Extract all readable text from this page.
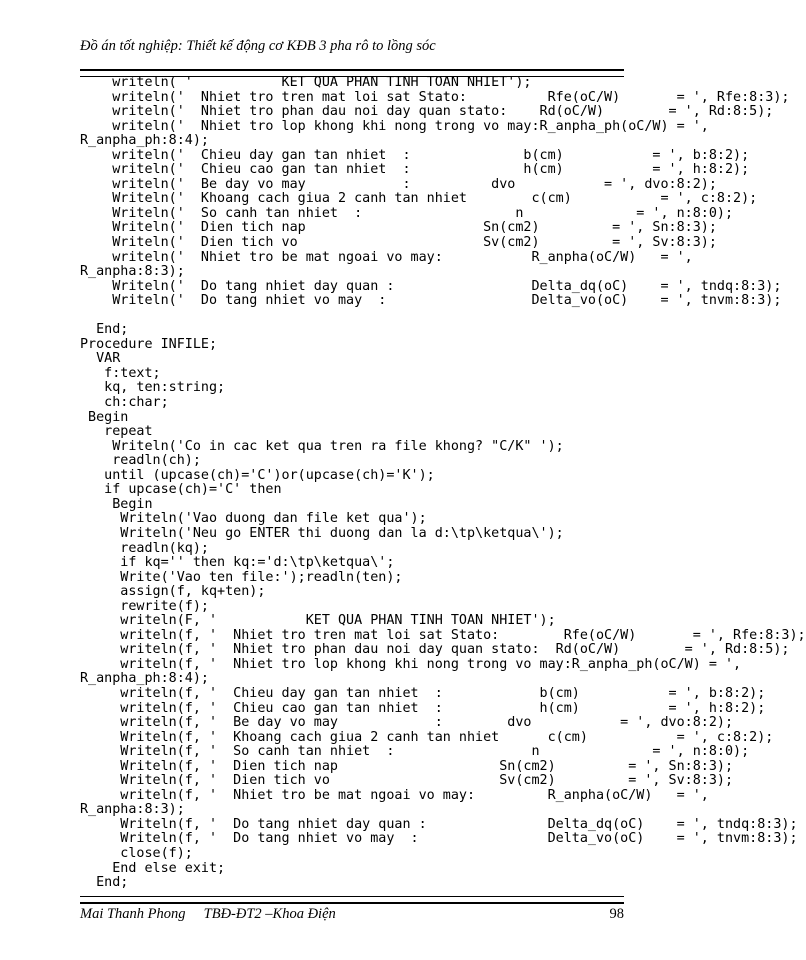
Đồ án tốt nghiệp: Thiết kế động cơ KĐB 3 pha rô to lồng sóc
writeln( '           KET QUA PHAN TINH TOAN NHIET');
writeln('  Nhiet tro tren mat loi sat Stato:          Rfe(oC/W)       = ', Rfe:8:3);
writeln('  Nhiet tro phan dau noi day quan stato:    Rd(oC/W)        = ', Rd:8:5);
writeln('  Nhiet tro lop khong khi nong trong vo may:R_anpha_ph(oC/W) = ',
R_anpha_ph:8:4);
writeln('  Chieu day gan tan nhiet  :              b(cm)           = ', b:8:2);
writeln('  Chieu cao gan tan nhiet  :              h(cm)           = ', h:8:2);
writeln('  Be day vo may            :          dvo           = ', dvo:8:2);
Writeln('  Khoang cach giua 2 canh tan nhiet        c(cm)           = ', c:8:2);
Writeln('  So canh tan nhiet  :                   n              = ', n:8:0);
Writeln('  Dien tich nap                      Sn(cm2)         = ', Sn:8:3);
Writeln('  Dien tich vo                       Sv(cm2)         = ', Sv:8:3);
writeln('  Nhiet tro be mat ngoai vo may:           R_anpha(oC/W)   = ',
R_anpha:8:3);
Writeln('  Do tang nhiet day quan :                 Delta_dq(oC)    = ', tndq:8:3);
Writeln('  Do tang nhiet vo may  :                  Delta_vo(oC)    = ', tnvm:8:3);
End;
Procedure INFILE;
VAR
f:text;
kq, ten:string;
ch:char;
Begin
repeat
Writeln('Co in cac ket qua tren ra file khong? "C/K" ');
readln(ch);
until (upcase(ch)='C')or(upcase(ch)='K');
if upcase(ch)='C' then
Begin
Writeln('Vao duong dan file ket qua');
Writeln('Neu go ENTER thi duong dan la d:\tp\ketqua\');
readln(kq);
if kq='' then kq:='d:\tp\ketqua\';
Write('Vao ten file:');readln(ten);
assign(f, kq+ten);
rewrite(f);
writeln(F, '           KET QUA PHAN TINH TOAN NHIET');
writeln(f, '  Nhiet tro tren mat loi sat Stato:        Rfe(oC/W)       = ', Rfe:8:3);
writeln(f, '  Nhiet tro phan dau noi day quan stato:  Rd(oC/W)        = ', Rd:8:5);
writeln(f, '  Nhiet tro lop khong khi nong trong vo may:R_anpha_ph(oC/W) = ',
R_anpha_ph:8:4);
writeln(f, '  Chieu day gan tan nhiet  :            b(cm)           = ', b:8:2);
writeln(f, '  Chieu cao gan tan nhiet  :            h(cm)           = ', h:8:2);
writeln(f, '  Be day vo may            :        dvo           = ', dvo:8:2);
Writeln(f, '  Khoang cach giua 2 canh tan nhiet      c(cm)           = ', c:8:2);
Writeln(f, '  So canh tan nhiet  :                 n              = ', n:8:0);
Writeln(f, '  Dien tich nap                    Sn(cm2)         = ', Sn:8:3);
Writeln(f, '  Dien tich vo                     Sv(cm2)         = ', Sv:8:3);
writeln(f, '  Nhiet tro be mat ngoai vo may:         R_anpha(oC/W)   = ',
R_anpha:8:3);
Writeln(f, '  Do tang nhiet day quan :               Delta_dq(oC)    = ', tndq:8:3);
Writeln(f, '  Do tang nhiet vo may  :                Delta_vo(oC)    = ', tnvm:8:3);
close(f);
End else exit;
End;
Mai Thanh Phong TBĐ-ĐT2 –Khoa Điện	98
